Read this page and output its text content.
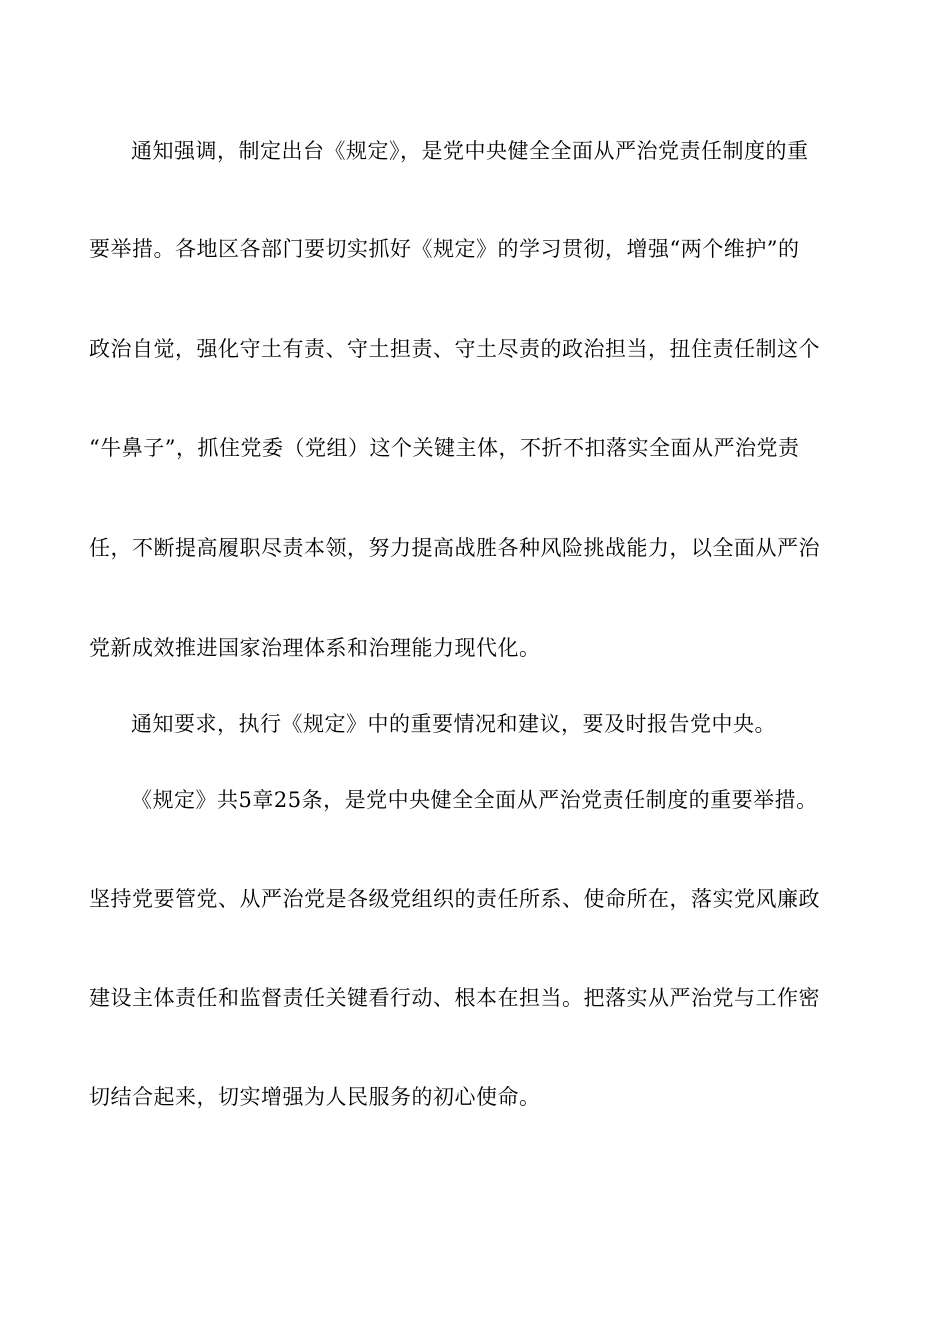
通知强调，制定出台《规定》，是党中央健全全面从严治党责任制度的重
要举措。各地区各部门要切实抓好《规定》的学习贯彻，增强“两个维护”的
政治自觉，强化守土有责、守土担责、守土尽责的政治担当，扭住责任制这个
“牛鼻子”，抓住党委（党组）这个关键主体，不折不扣落实全面从严治党责
任，不断提高履职尽责本领，努力提高战胜各种风险挑战能力，以全面从严治
党新成效推进国家治理体系和治理能力现代化。
通知要求，执行《规定》中的重要情况和建议，要及时报告党中央。
《规定》共5章25条，是党中央健全全面从严治党责任制度的重要举措。
坚持党要管党、从严治党是各级党组织的责任所系、使命所在，落实党风廉政
建设主体责任和监督责任关键看行动、根本在担当。把落实从严治党与工作密
切结合起来，切实增强为人民服务的初心使命。
